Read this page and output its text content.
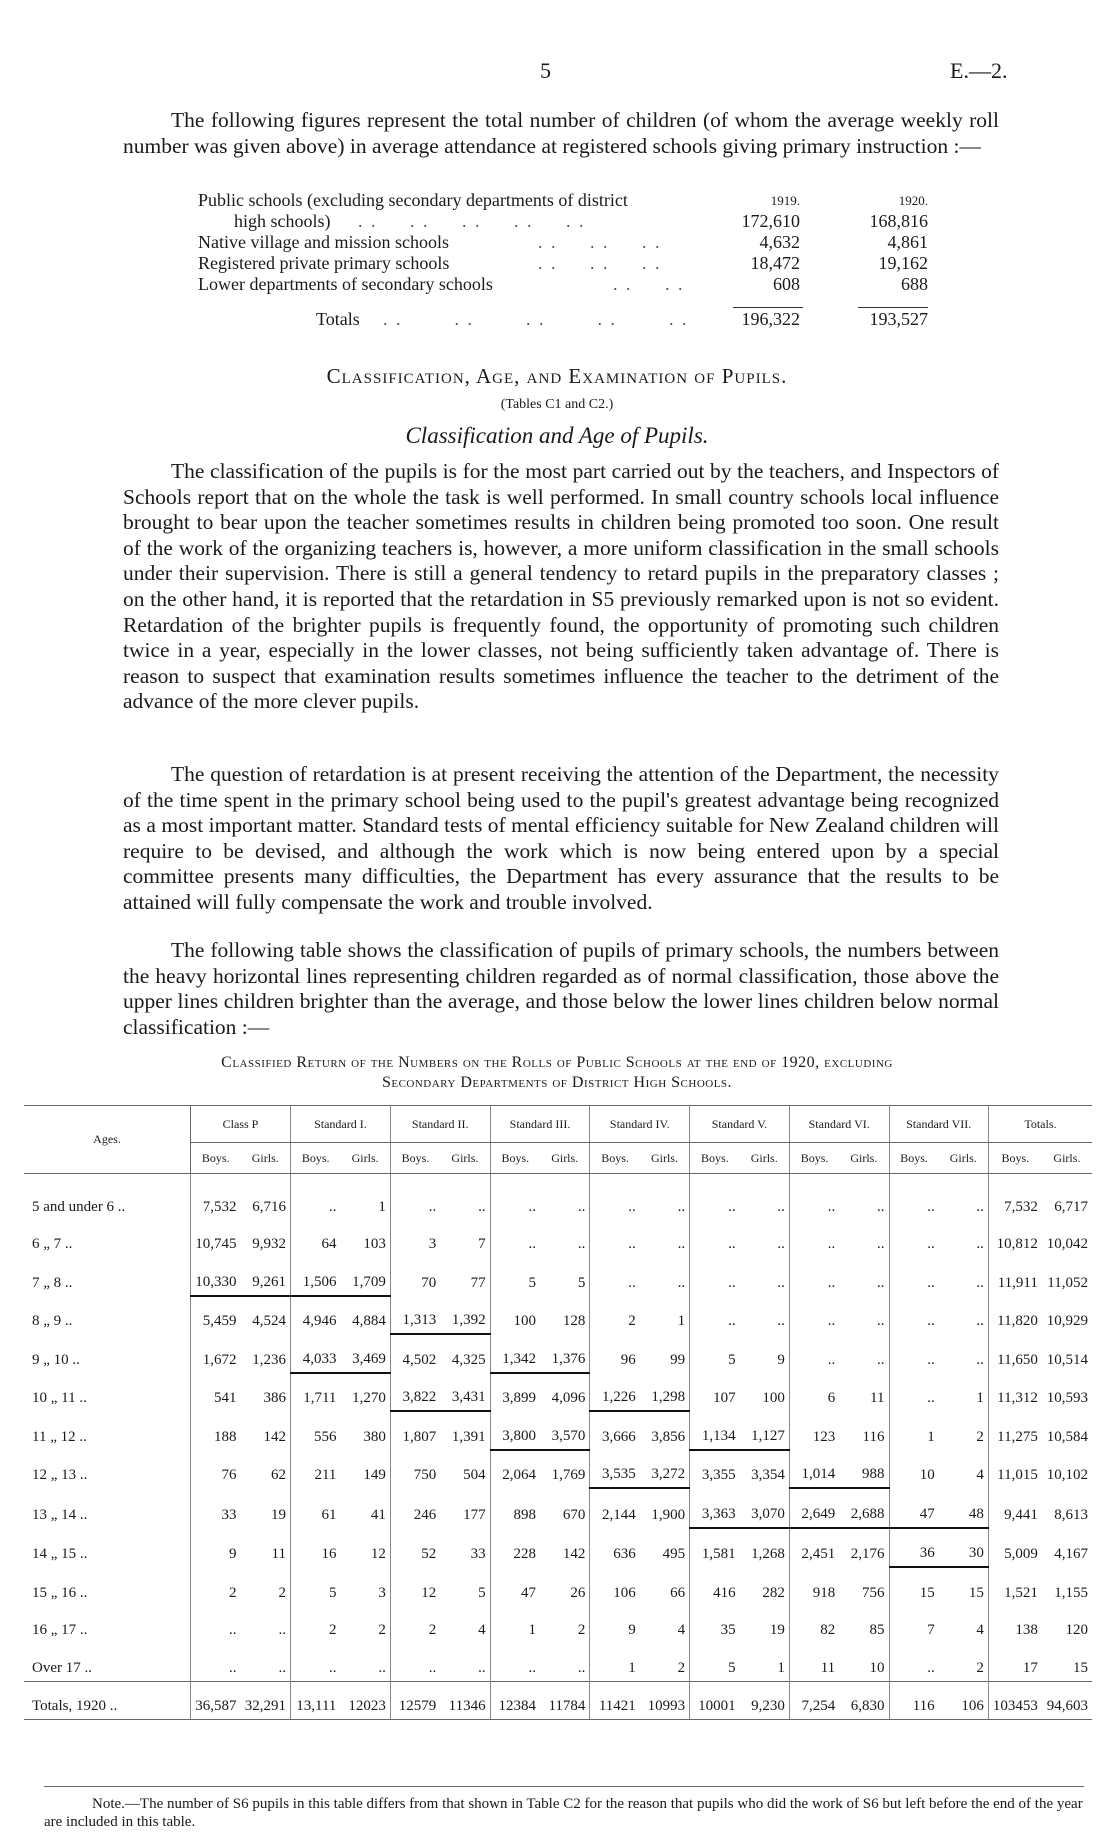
5	E.—2.

The following figures represent the total number of children (of whom the average weekly roll number was given above) in average attendance at registered schools giving primary instruction :—

Public schools (excluding secondary departments of district	1919.	1920.
high schools) . .     . .     . .     . .     . .	172,610	168,816
Native village and mission schools	. .     . .     . .	4,632	4,861
Registered private primary schools	. .     . .     . .	18,472	19,162
Lower departments of secondary schools	. .     . .	608	688
Totals . .        . .        . .        . .        . .	196,322	193,527
Classification, Age, and Examination of Pupils.
(Tables C1 and C2.)
Classification and Age of Pupils.

The classification of the pupils is for the most part carried out by the teachers, and Inspectors of Schools report that on the whole the task is well performed. In small country schools local influence brought to bear upon the teacher sometimes results in children being promoted too soon. One result of the work of the organizing teachers is, however, a more uniform classification in the small schools under their supervision. There is still a general tendency to retard pupils in the preparatory classes ; on the other hand, it is reported that the retardation in S5 previously remarked upon is not so evident. Retardation of the brighter pupils is frequently found, the opportunity of promoting such children twice in a year, especially in the lower classes, not being sufficiently taken advantage of. There is reason to suspect that examination results sometimes influence the teacher to the detriment of the advance of the more clever pupils.

The question of retardation is at present receiving the attention of the Department, the necessity of the time spent in the primary school being used to the pupil's greatest advantage being recognized as a most important matter. Standard tests of mental efficiency suitable for New Zealand children will require to be devised, and although the work which is now being entered upon by a special committee presents many difficulties, the Department has every assurance that the results to be attained will fully compensate the work and trouble involved.

The following table shows the classification of pupils of primary schools, the numbers between the heavy horizontal lines representing children regarded as of normal classification, those above the upper lines children brighter than the average, and those below the lower lines children below normal classification :—

Classified Return of the Numbers on the Rolls of Public Schools at the end of 1920, excluding
Secondary Departments of District High Schools.
Ages.	Class P		Standard I.		Standard II.		Standard III.		Standard IV.		Standard V.		Standard VI.		Standard VII.		Totals.	
	Boys.	Girls.	Boys.	Girls.	Boys.	Girls.	Boys.	Girls.	Boys.	Girls.	Boys.	Girls.	Boys.	Girls.	Boys.	Girls.	Boys.	Girls.
5 and under 6 ..	7,532	6,716	..	1	..	..	..	..	..	..	..	..	..	..	..	..	7,532	6,717
6 „ 7 ..	10,745	9,932	64	103	3	7	..	..	..	..	..	..	..	..	..	..	10,812	10,042
7 „ 8 ..	10,330	9,261	1,506	1,709	70	77	5	5	..	..	..	..	..	..	..	..	11,911	11,052
8 „ 9 ..	5,459	4,524	4,946	4,884	1,313	1,392	100	128	2	1	..	..	..	..	..	..	11,820	10,929
9 „ 10 ..	1,672	1,236	4,033	3,469	4,502	4,325	1,342	1,376	96	99	5	9	..	..	..	..	11,650	10,514
10 „ 11 ..	541	386	1,711	1,270	3,822	3,431	3,899	4,096	1,226	1,298	107	100	6	11	..	1	11,312	10,593
11 „ 12 ..	188	142	556	380	1,807	1,391	3,800	3,570	3,666	3,856	1,134	1,127	123	116	1	2	11,275	10,584
12 „ 13 ..	76	62	211	149	750	504	2,064	1,769	3,535	3,272	3,355	3,354	1,014	988	10	4	11,015	10,102
13 „ 14 ..	33	19	61	41	246	177	898	670	2,144	1,900	3,363	3,070	2,649	2,688	47	48	9,441	8,613
14 „ 15 ..	9	11	16	12	52	33	228	142	636	495	1,581	1,268	2,451	2,176	36	30	5,009	4,167
15 „ 16 ..	2	2	5	3	12	5	47	26	106	66	416	282	918	756	15	15	1,521	1,155
16 „ 17 ..	..	..	2	2	2	4	1	2	9	4	35	19	82	85	7	4	138	120
Over 17 ..	..	..	..	..	..	..	..	..	1	2	5	1	11	10	..	2	17	15
Totals, 1920 ..	36,587	32,291	13,111	12023	12579	11346	12384	11784	11421	10993	10001	9,230	7,254	6,830	116	106	103453	94,603

Note.—The number of S6 pupils in this table differs from that shown in Table C2 for the reason that pupils who did the work of S6 but left before the end of the year are included in this table.
